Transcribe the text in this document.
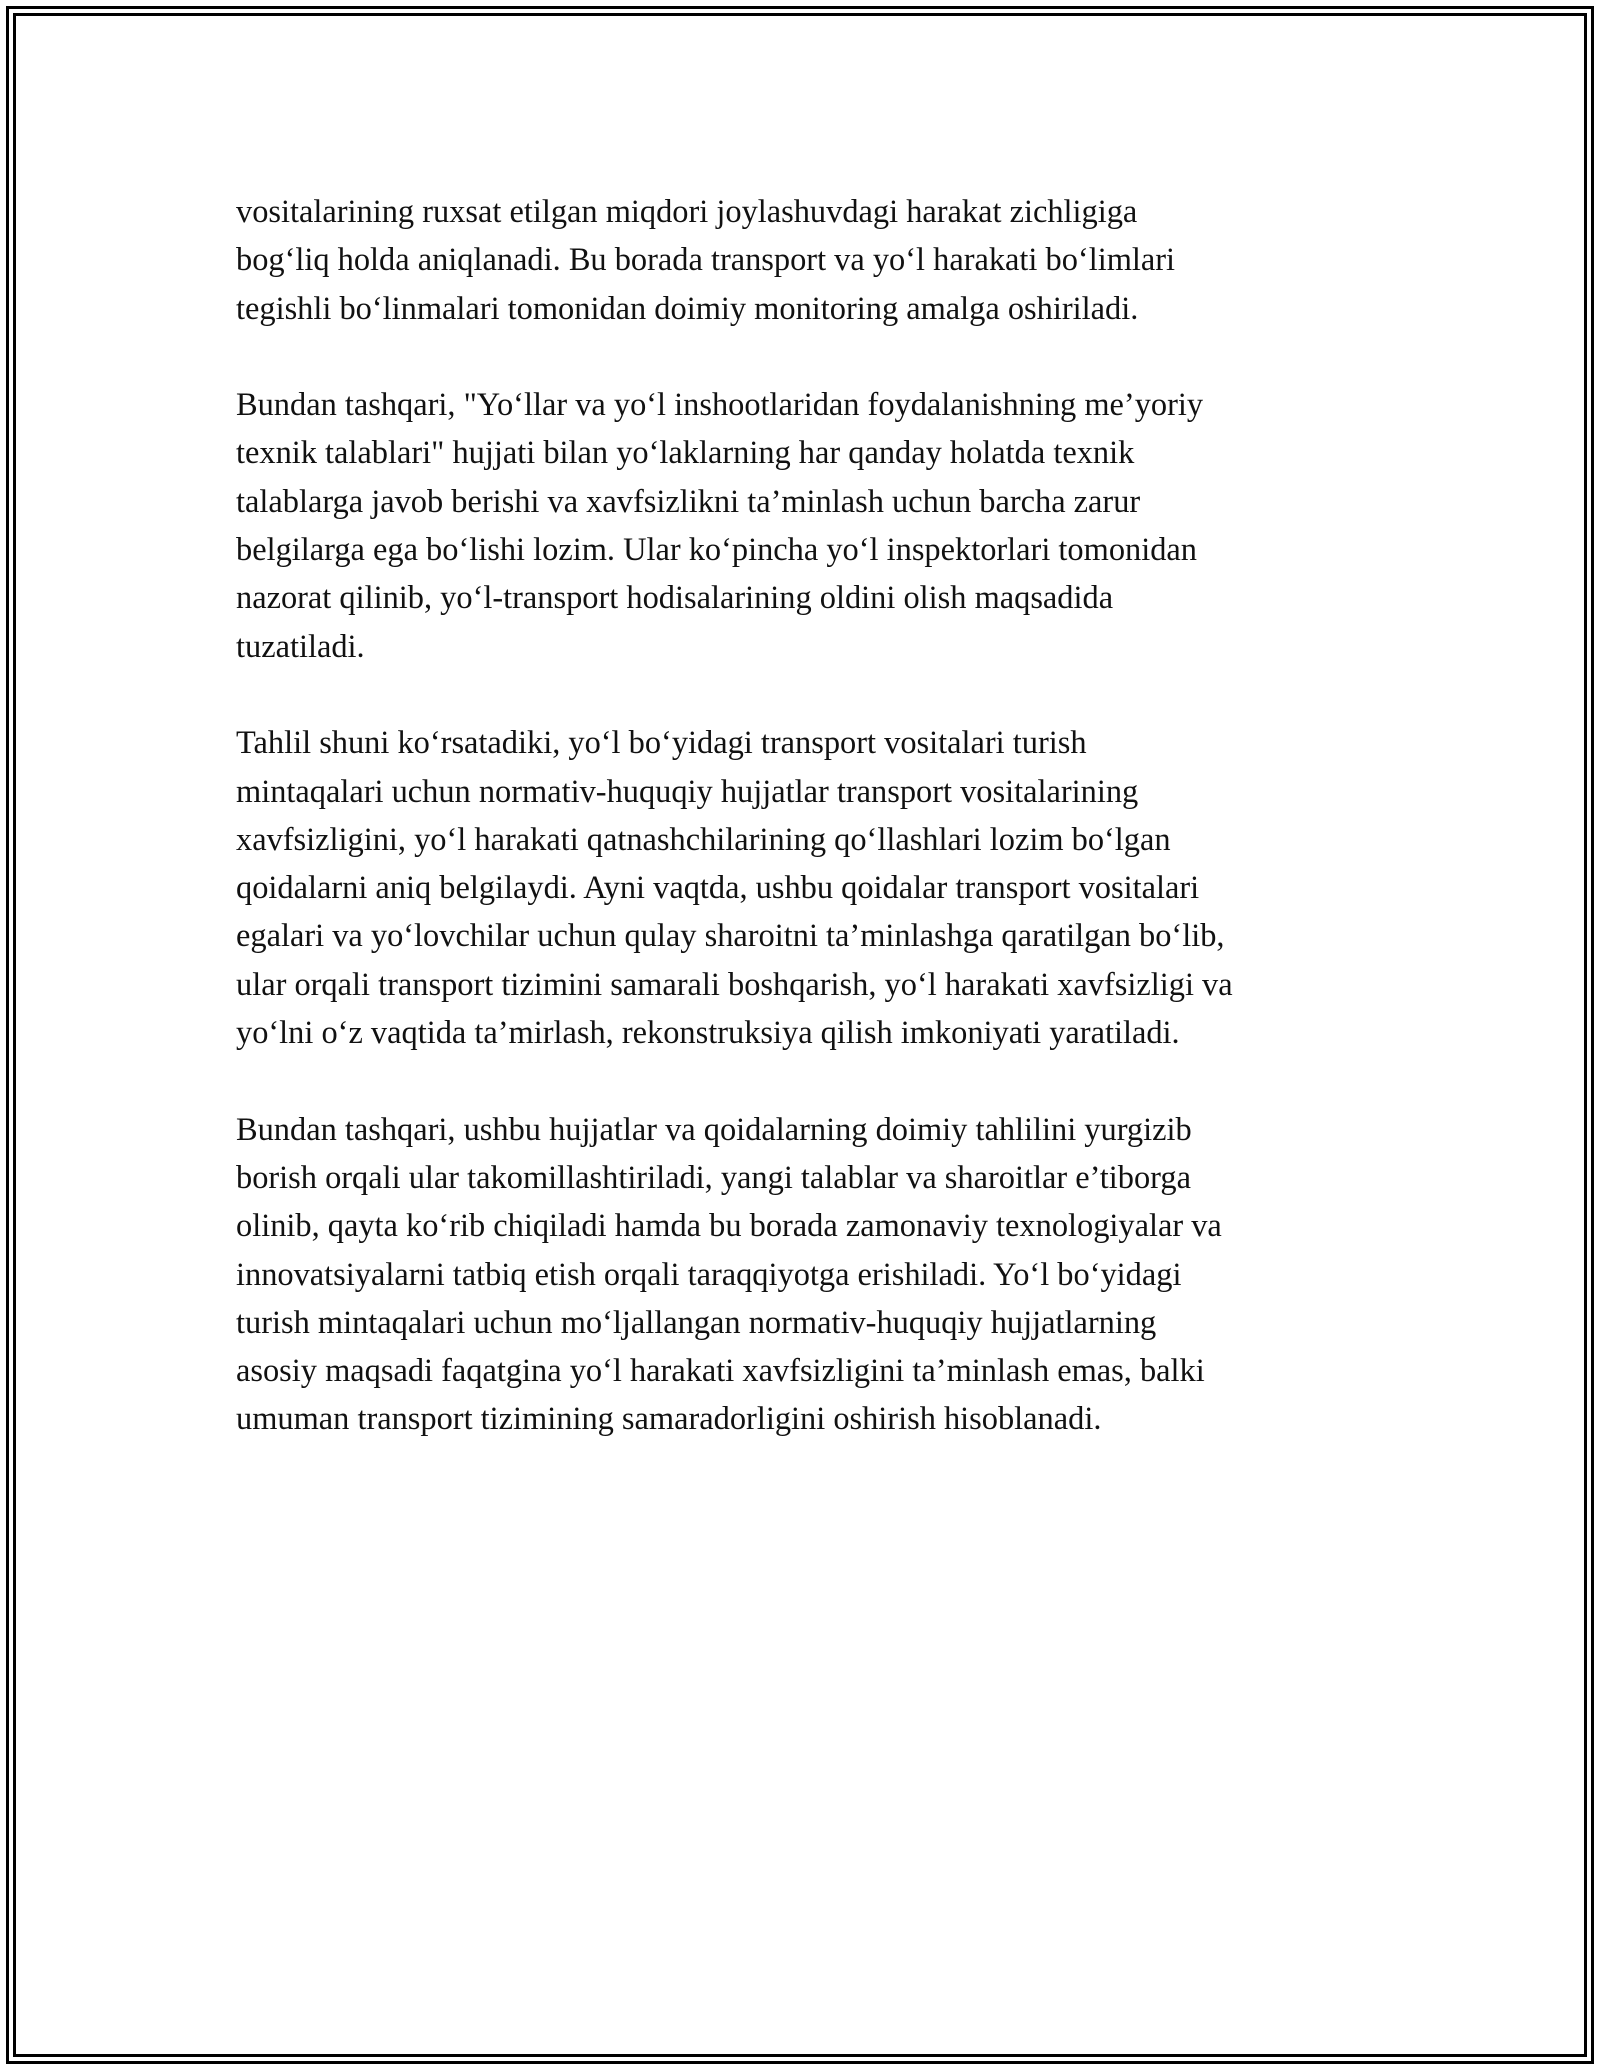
vositalarining ruxsat etilgan miqdori joylashuvdagi harakat zichligiga
bog‘liq holda aniqlanadi. Bu borada transport va yo‘l harakati bo‘limlari
tegishli bo‘linmalari tomonidan doimiy monitoring amalga oshiriladi.

Bundan tashqari, "Yo‘llar va yo‘l inshootlaridan foydalanishning me’yoriy
texnik talablari" hujjati bilan yo‘laklarning har qanday holatda texnik
talablarga javob berishi va xavfsizlikni ta’minlash uchun barcha zarur
belgilarga ega bo‘lishi lozim. Ular ko‘pincha yo‘l inspektorlari tomonidan
nazorat qilinib, yo‘l-transport hodisalarining oldini olish maqsadida
tuzatiladi.

Tahlil shuni ko‘rsatadiki, yo‘l bo‘yidagi transport vositalari turish
mintaqalari uchun normativ-huquqiy hujjatlar transport vositalarining
xavfsizligini, yo‘l harakati qatnashchilarining qo‘llashlari lozim bo‘lgan
qoidalarni aniq belgilaydi. Ayni vaqtda, ushbu qoidalar transport vositalari
egalari va yo‘lovchilar uchun qulay sharoitni ta’minlashga qaratilgan bo‘lib,
ular orqali transport tizimini samarali boshqarish, yo‘l harakati xavfsizligi va
yo‘lni o‘z vaqtida ta’mirlash, rekonstruksiya qilish imkoniyati yaratiladi.

Bundan tashqari, ushbu hujjatlar va qoidalarning doimiy tahlilini yurgizib
borish orqali ular takomillashtiriladi, yangi talablar va sharoitlar e’tiborga
olinib, qayta ko‘rib chiqiladi hamda bu borada zamonaviy texnologiyalar va
innovatsiyalarni tatbiq etish orqali taraqqiyotga erishiladi. Yo‘l bo‘yidagi
turish mintaqalari uchun mo‘ljallangan normativ-huquqiy hujjatlarning
asosiy maqsadi faqatgina yo‘l harakati xavfsizligini ta’minlash emas, balki
umuman transport tizimining samaradorligini oshirish hisoblanadi.
